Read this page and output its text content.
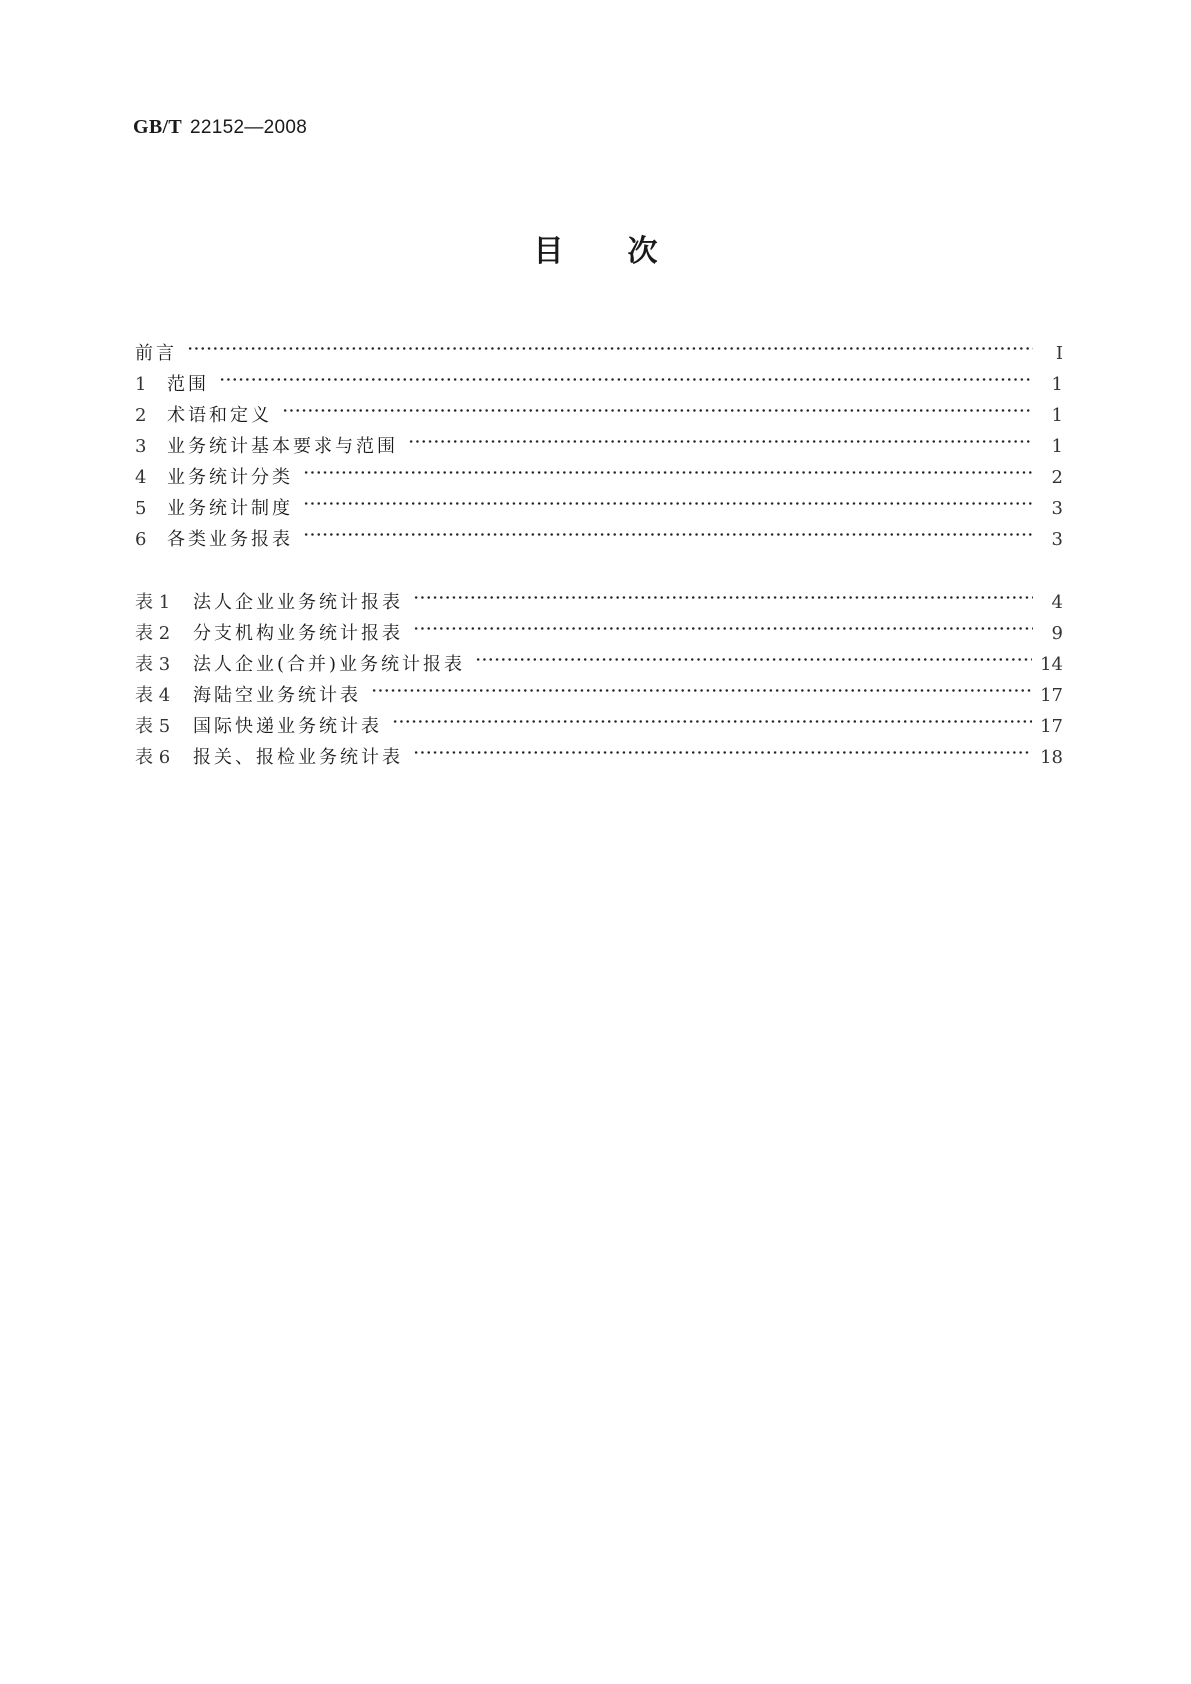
GB/T 22152—2008
目 次
前言	I
1	范围	1
2	术语和定义	1
3	业务统计基本要求与范围	1
4	业务统计分类	2
5	业务统计制度	3
6	各类业务报表	3
表 1	法人企业业务统计报表	4
表 2	分支机构业务统计报表	9
表 3	法人企业(合并)业务统计报表	14
表 4	海陆空业务统计表	17
表 5	国际快递业务统计表	17
表 6	报关、报检业务统计表	18
